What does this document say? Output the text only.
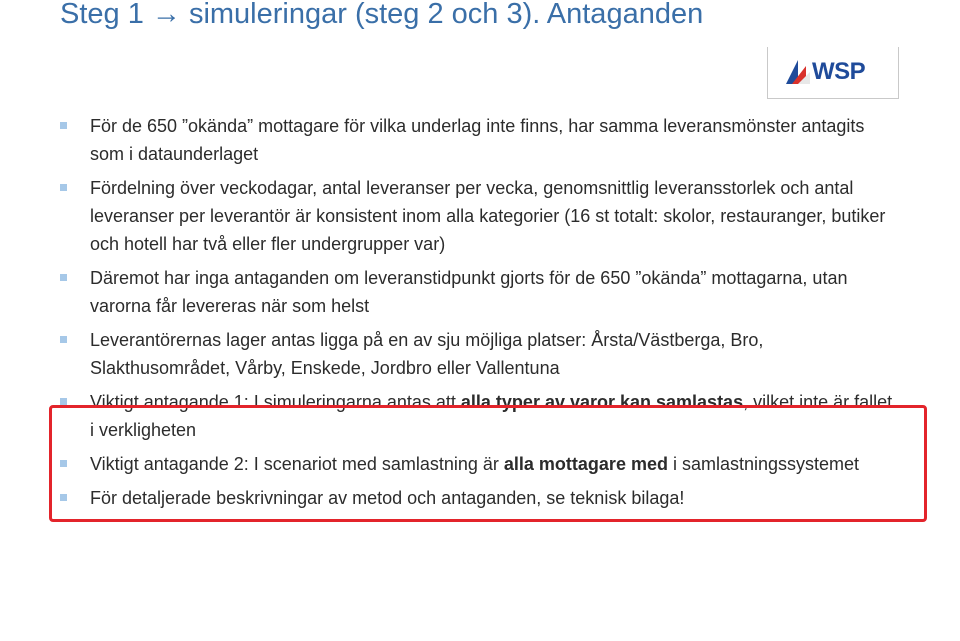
Steg 1 → simuleringar (steg 2 och 3). Antaganden
WSP
För de 650 ”okända” mottagare för vilka underlag inte finns, har samma leveransmönster antagits som i dataunderlaget
Fördelning över veckodagar, antal leveranser per vecka, genomsnittlig leveransstorlek och antal leveranser per leverantör är konsistent inom alla kategorier (16 st totalt: skolor, restauranger, butiker och hotell har två eller fler undergrupper var)
Däremot har inga antaganden om leveranstidpunkt gjorts för de 650 ”okända” mottagarna, utan varorna får levereras när som helst
Leverantörernas lager antas ligga på en av sju möjliga platser: Årsta/Västberga, Bro, Slakthusområdet, Vårby, Enskede, Jordbro eller Vallentuna
Viktigt antagande 1: I simuleringarna antas att alla typer av varor kan samlastas, vilket inte är fallet i verkligheten
Viktigt antagande 2: I scenariot med samlastning är alla mottagare med i samlastningssystemet
För detaljerade beskrivningar av metod och antaganden, se teknisk bilaga!
